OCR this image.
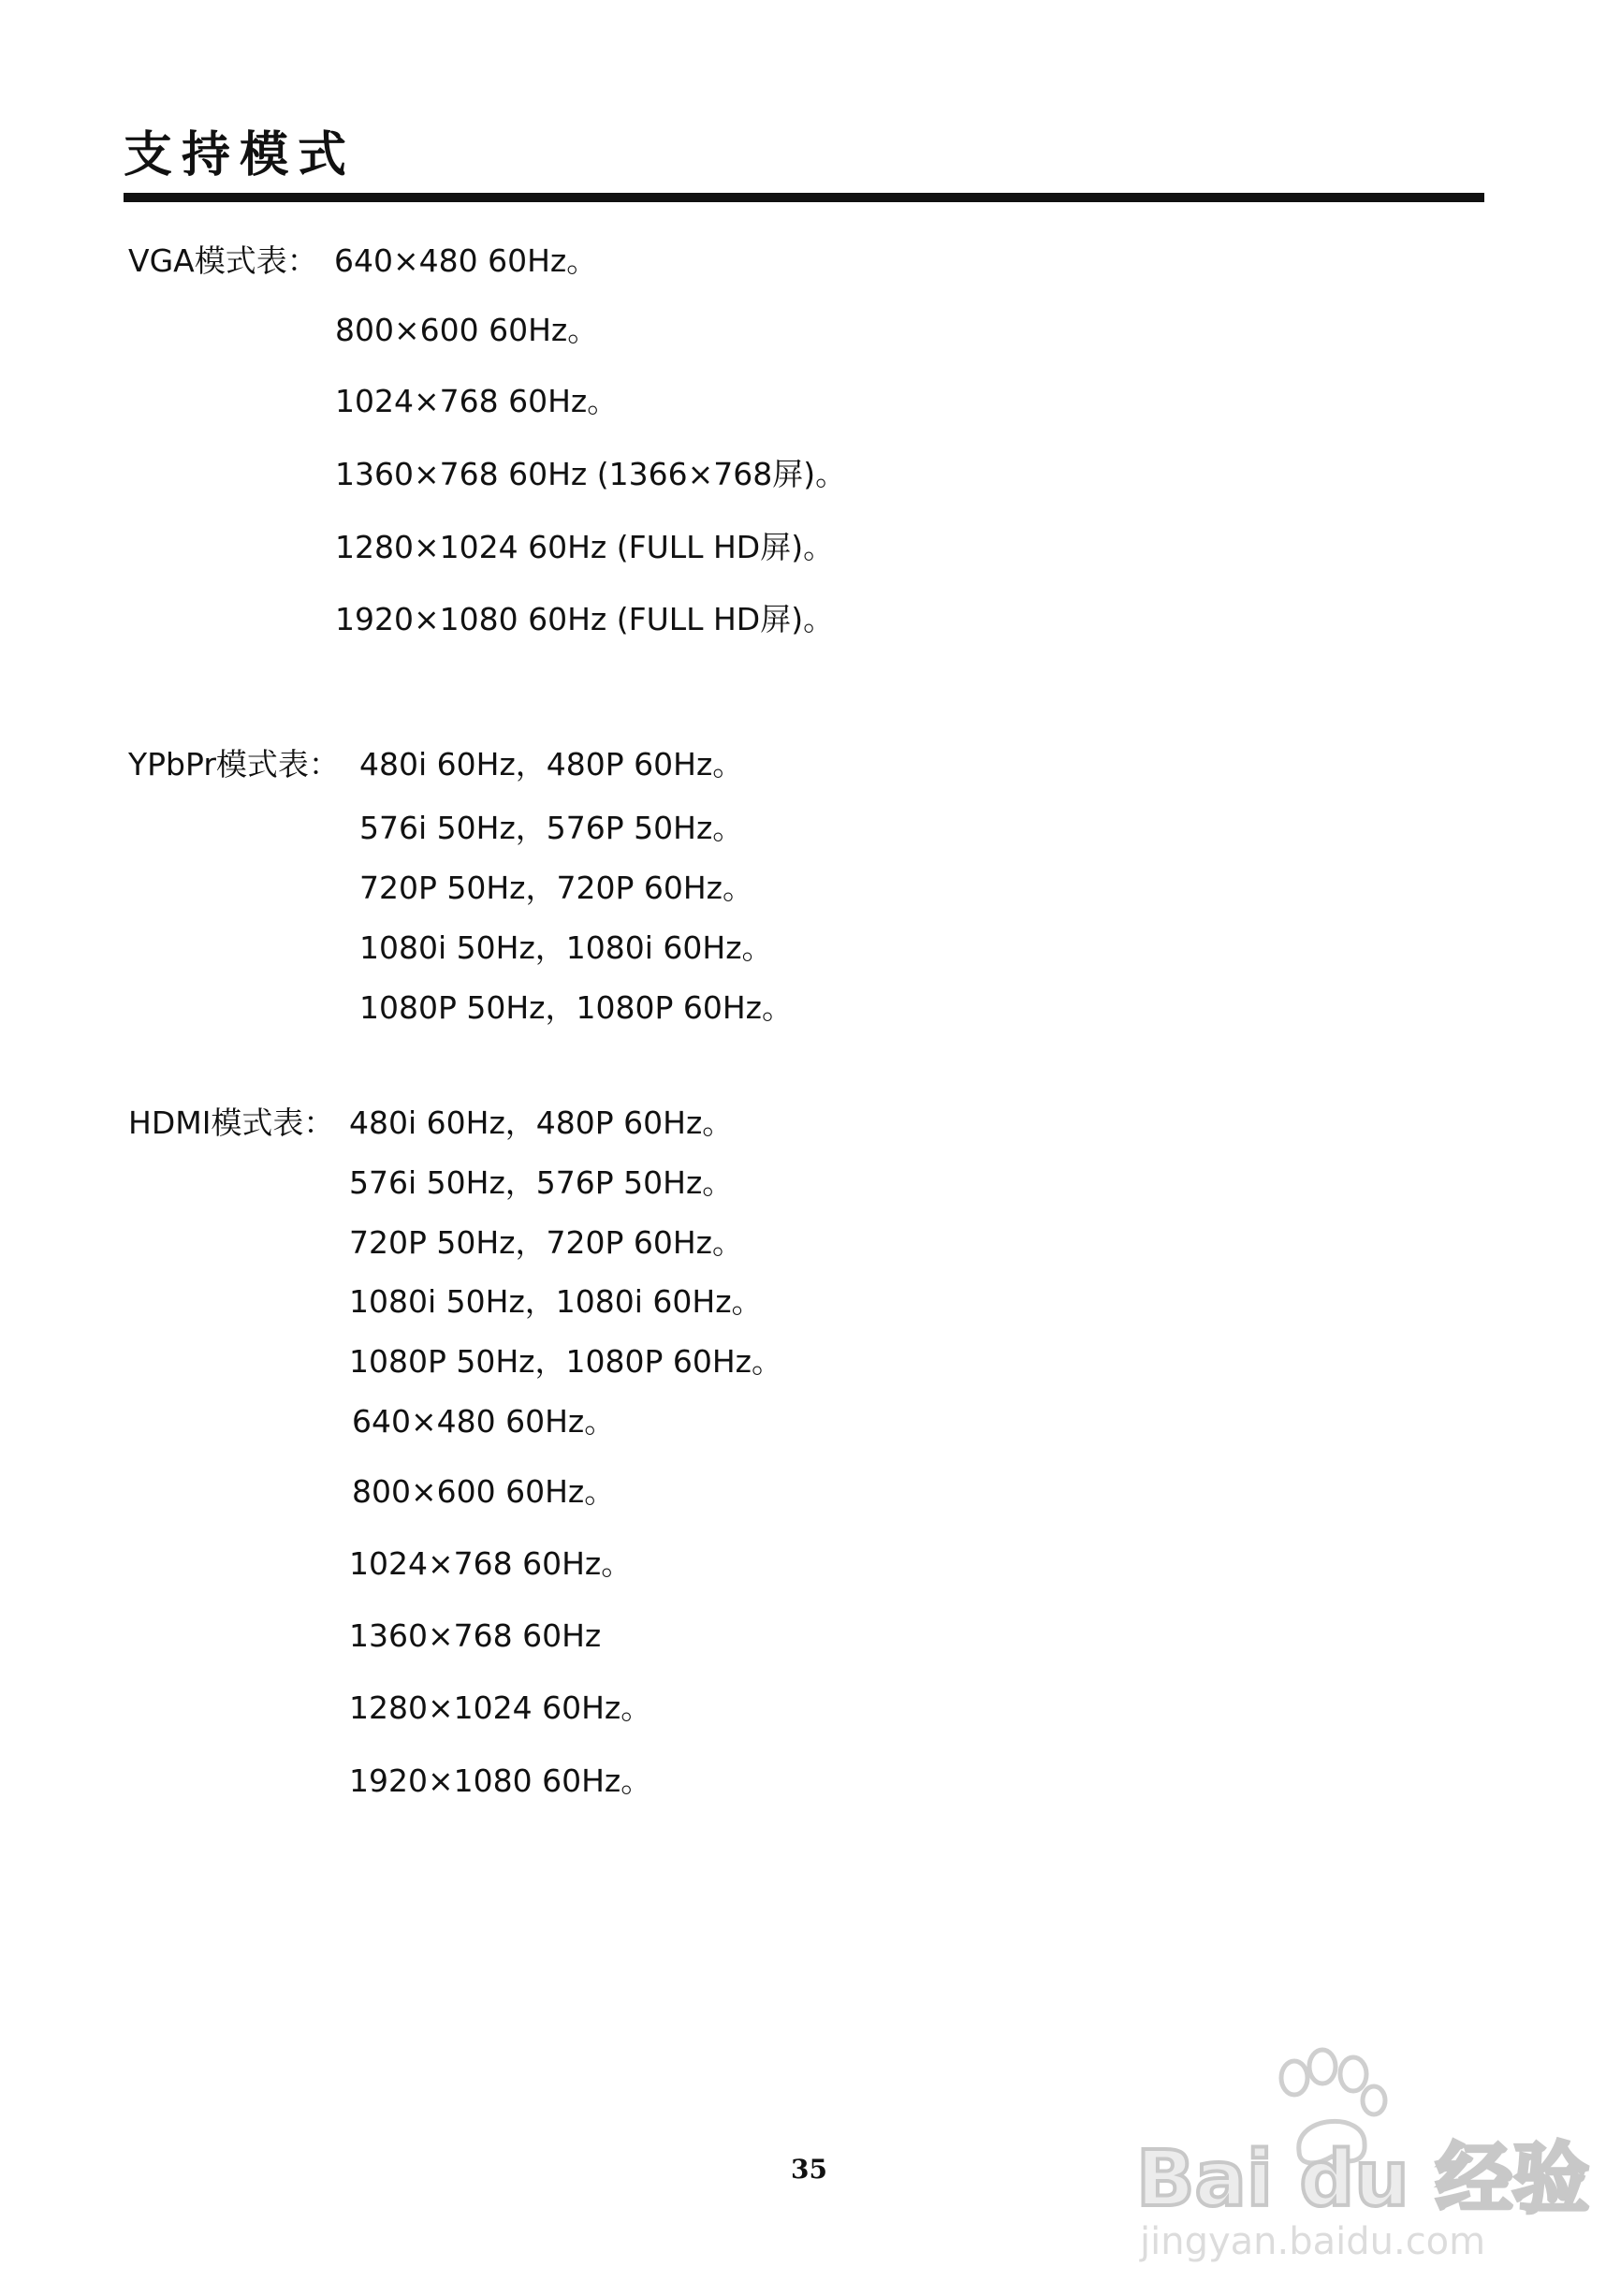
支持模式
VGA模式表： 640×480 60Hz。
800×600 60Hz。
1024×768 60Hz。
1360×768 60Hz (1366×768屏)。
1280×1024 60Hz (FULL HD屏)。
1920×1080 60Hz (FULL HD屏)。
YPbPr模式表： 480i 60Hz，480P 60Hz。
576i 50Hz，576P 50Hz。
720P 50Hz，720P 60Hz。
1080i 50Hz，1080i 60Hz。
1080P 50Hz，1080P 60Hz。
HDMI模式表： 480i 60Hz，480P 60Hz。
576i 50Hz，576P 50Hz。
720P 50Hz，720P 60Hz。
1080i 50Hz，1080i 60Hz。
1080P 50Hz，1080P 60Hz。
640×480 60Hz。
800×600 60Hz。
1024×768 60Hz。
1360×768 60Hz
1280×1024 60Hz。
1920×1080 60Hz。
35	Bai du 经验
jingyan.baidu.com
